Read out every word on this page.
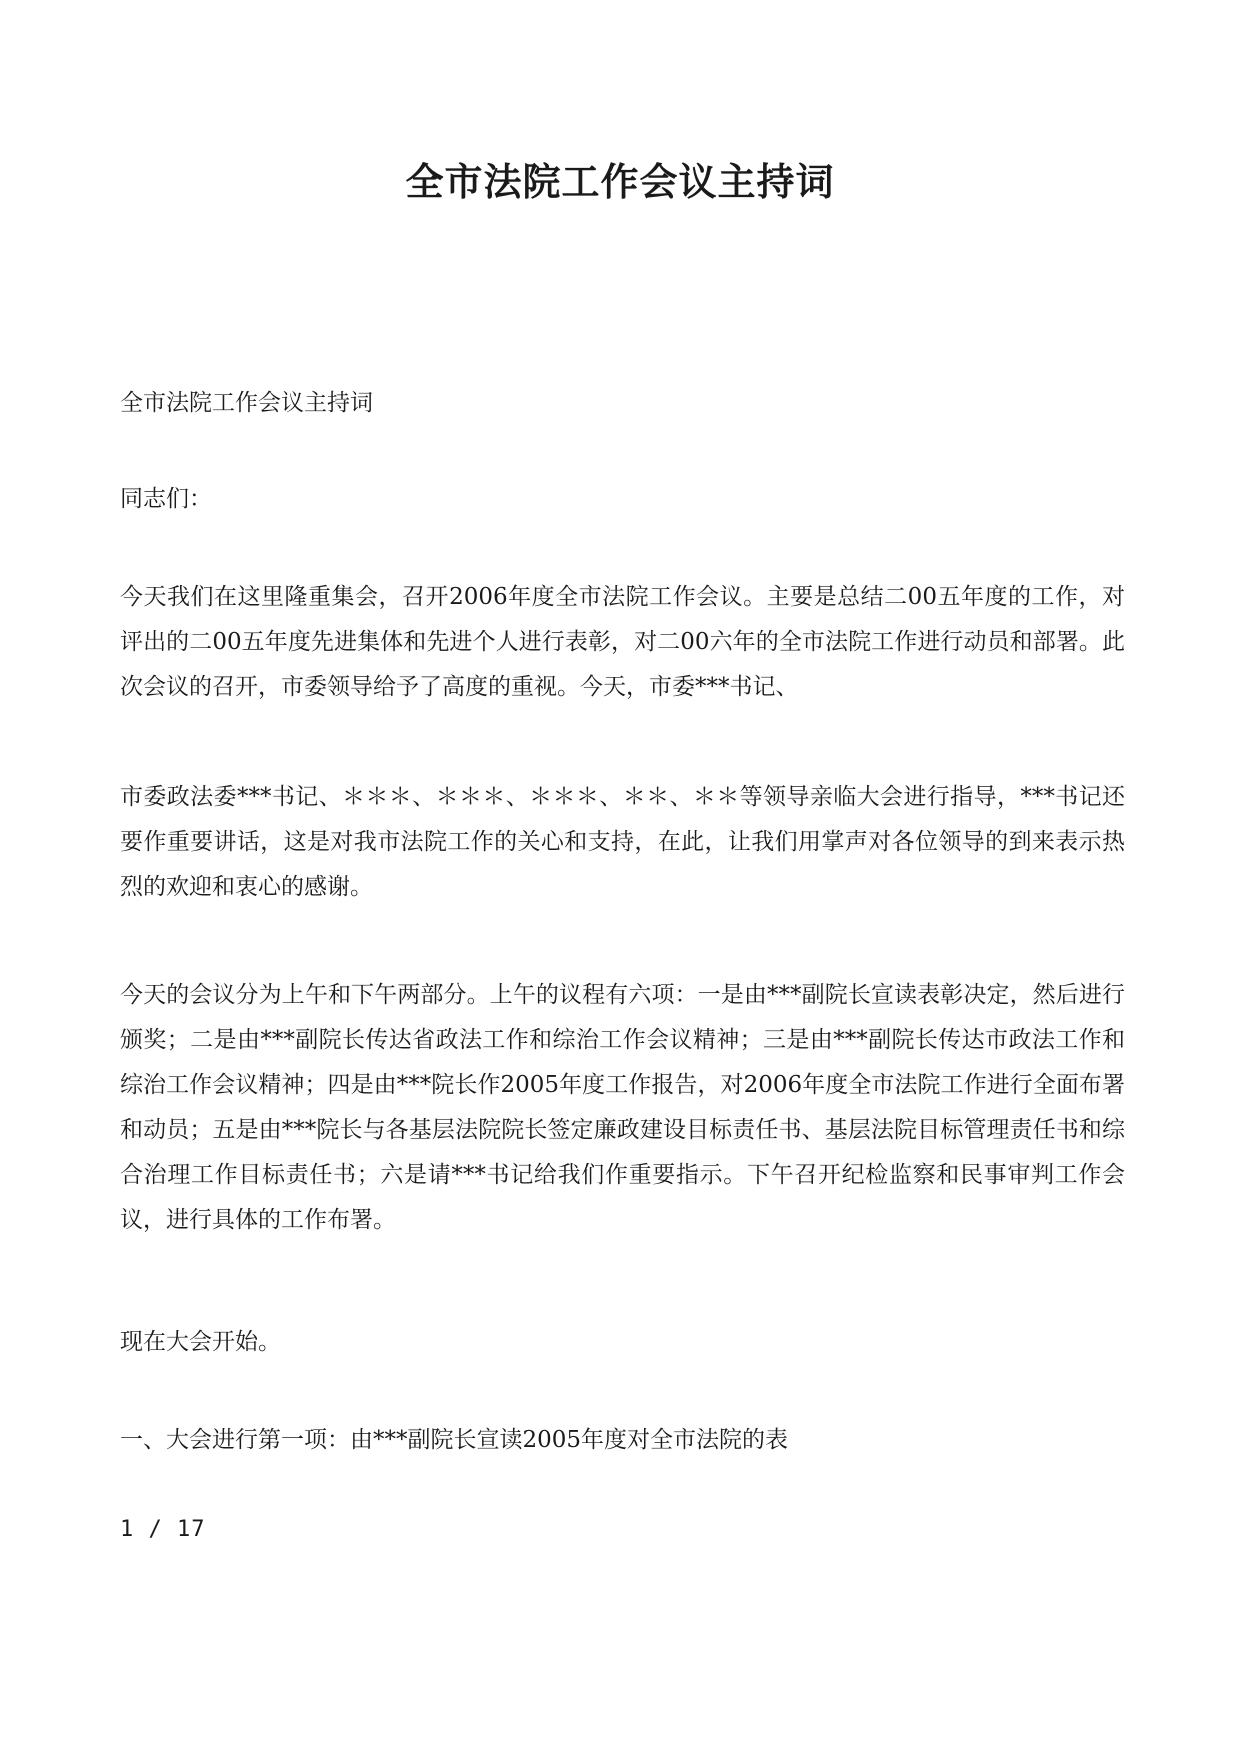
全市法院工作会议主持词

全市法院工作会议主持词

同志们：

今天我们在这里隆重集会，召开2006年度全市法院工作会议。主要是总结二00五年度的工作，对评出的二00五年度先进集体和先进个人进行表彰，对二00六年的全市法院工作进行动员和部署。此次会议的召开，市委领导给予了高度的重视。今天，市委***书记、

市委政法委***书记、＊＊＊、＊＊＊、＊＊＊、＊＊、＊＊等领导亲临大会进行指导，***书记还要作重要讲话，这是对我市法院工作的关心和支持，在此，让我们用掌声对各位领导的到来表示热烈的欢迎和衷心的感谢。

今天的会议分为上午和下午两部分。上午的议程有六项：一是由***副院长宣读表彰决定，然后进行颁奖；二是由***副院长传达省政法工作和综治工作会议精神；三是由***副院长传达市政法工作和综治工作会议精神；四是由***院长作2005年度工作报告，对2006年度全市法院工作进行全面布署和动员；五是由***院长与各基层法院院长签定廉政建设目标责任书、基层法院目标管理责任书和综合治理工作目标责任书；六是请***书记给我们作重要指示。下午召开纪检监察和民事审判工作会议，进行具体的工作布署。

现在大会开始。

一、大会进行第一项：由***副院长宣读2005年度对全市法院的表

1 / 17
